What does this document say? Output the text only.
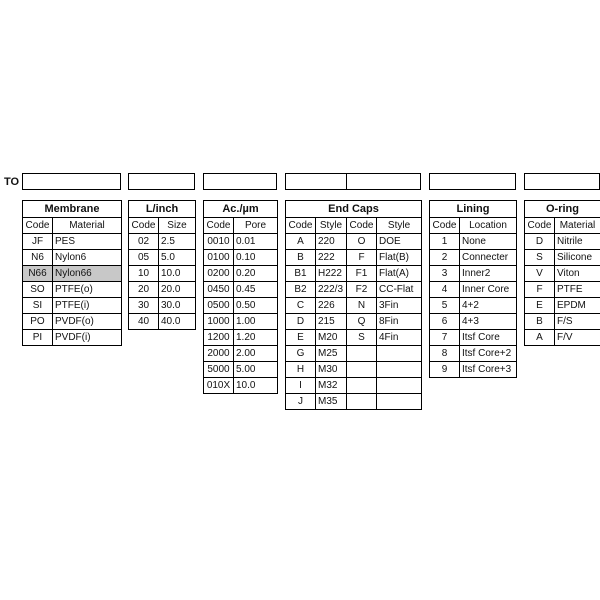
TO
Membrane	
Code	Material
JF	PES
N6	Nylon6
N66	Nylon66
SO	PTFE(o)
SI	PTFE(i)
PO	PVDF(o)
PI	PVDF(i)
L/inch	
Code	Size
02	2.5
05	5.0
10	10.0
20	20.0
30	30.0
40	40.0
Ac./µm	
Code	Pore
0010	0.01
0100	0.10
0200	0.20
0450	0.45
0500	0.50
1000	1.00
1200	1.20
2000	2.00
5000	5.00
010X	10.0
End Caps			
Code	Style	Code	Style
A	220	O	DOE
B	222	F	Flat(B)
B1	H222	F1	Flat(A)
B2	222/3	F2	CC-Flat
C	226	N	3Fin
D	215	Q	8Fin
E	M20	S	4Fin
G	M25		
H	M30		
I	M32		
J	M35		
Lining	
Code	Location
1	None
2	Connecter
3	Inner2
4	Inner Core
5	4+2
6	4+3
7	Itsf Core
8	Itsf Core+2
9	Itsf Core+3
O-ring	
Code	Material
D	Nitrile
S	Silicone
V	Viton
F	PTFE
E	EPDM
B	F/S
A	F/V
